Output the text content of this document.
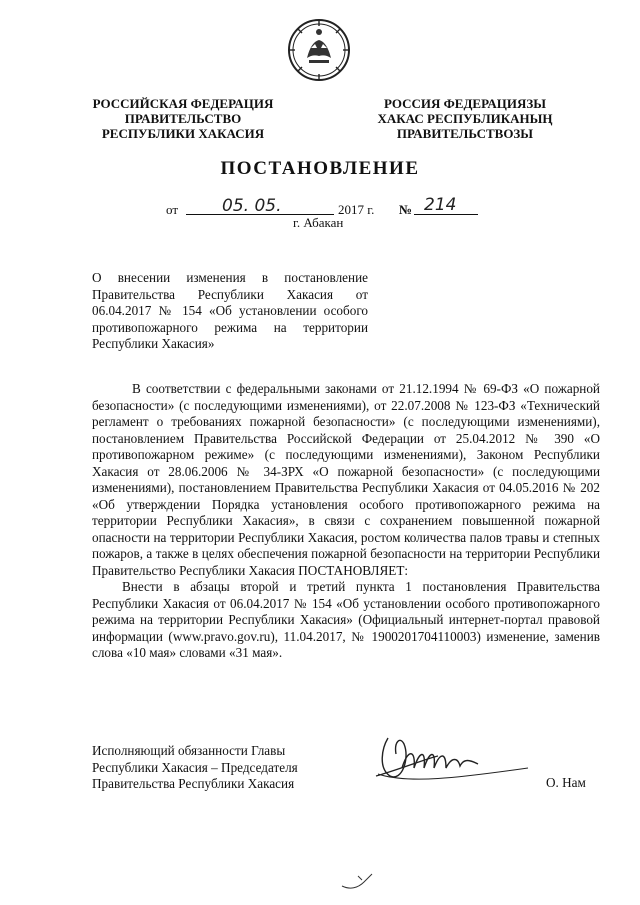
РОССИЙСКАЯ ФЕДЕРАЦИЯ
ПРАВИТЕЛЬСТВО
РЕСПУБЛИКИ ХАКАСИЯ
РОССИЯ ФЕДЕРАЦИЯЗЫ
ХАКАС РЕСПУБЛИКАНЫҢ
ПРАВИТЕЛЬСТВОЗЫ
ПОСТАНОВЛЕНИЕ
от	05. 05.	2017 г. № 214
г. Абакан
О внесении изменения в постановление Правительства Республики Хакасия от 06.04.2017 № 154 «Об установлении особого противопожарного режима на территории Республики Хакасия»

В соответствии с федеральными законами от 21.12.1994 № 69-ФЗ «О пожарной безопасности» (с последующими изменениями), от 22.07.2008 № 123-ФЗ «Технический регламент о требованиях пожарной безопасности» (с последующими изменениями), постановлением Правительства Российской Федерации от 25.04.2012 № 390 «О противопожарном режиме» (с последующими изменениями), Законом Республики Хакасия от 28.06.2006 № 34-ЗРХ «О пожарной безопасности» (с последующими изменениями), постановлением Правительства Республики Хакасия от 04.05.2016 № 202 «Об утверждении Порядка установления особого противопожарного режима на территории Республики Хакасия», в связи с сохранением повышенной пожарной опасности на территории Республики Хакасия, ростом количества палов травы и степных пожаров, а также в целях обеспечения пожарной безопасности на территории Республики Правительство Республики Хакасия ПОСТАНОВЛЯЕТ:

Внести в абзацы второй и третий пункта 1 постановления Правительства Республики Хакасия от 06.04.2017 № 154 «Об установлении особого противопожарного режима на территории Республики Хакасия» (Официальный интернет-портал правовой информации (www.pravo.gov.ru), 11.04.2017, № 1900201704110003) изменение, заменив слова «10 мая» словами «31 мая».

Исполняющий обязанности Главы
Республики Хакасия – Председателя
Правительства Республики Хакасия	О. Нам
